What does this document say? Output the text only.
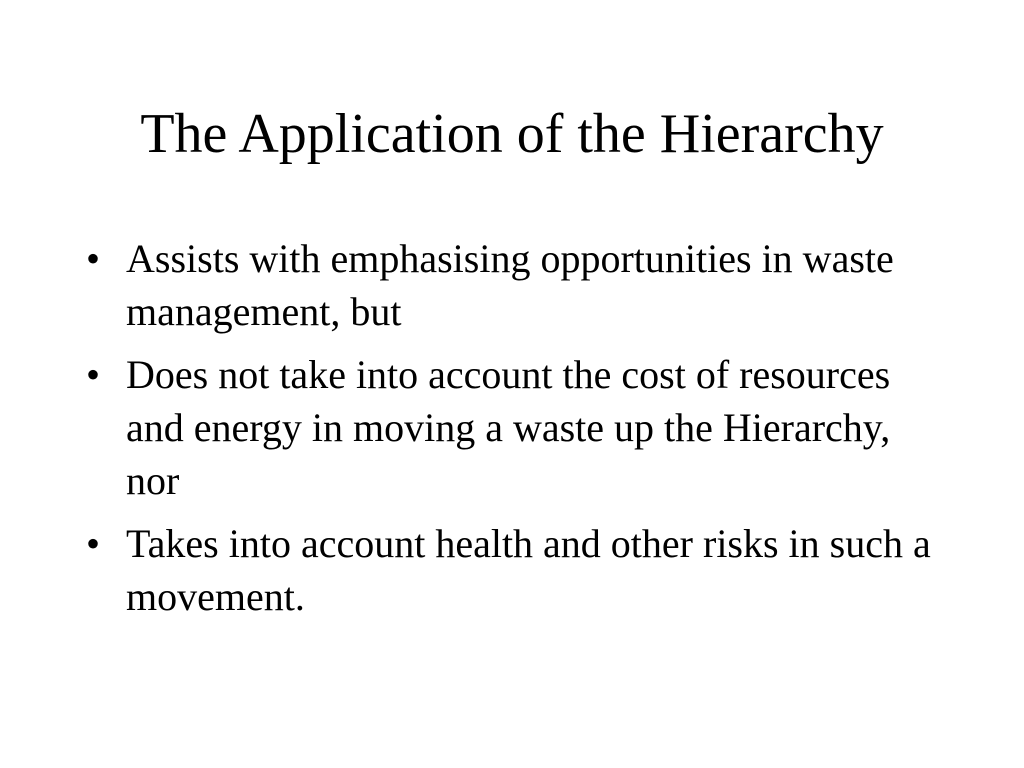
The Application of the Hierarchy
• Assists with emphasising opportunities in waste management, but
• Does not take into account the cost of resources and energy in moving a waste up the Hierarchy, nor
• Takes into account health and other risks in such a movement.
